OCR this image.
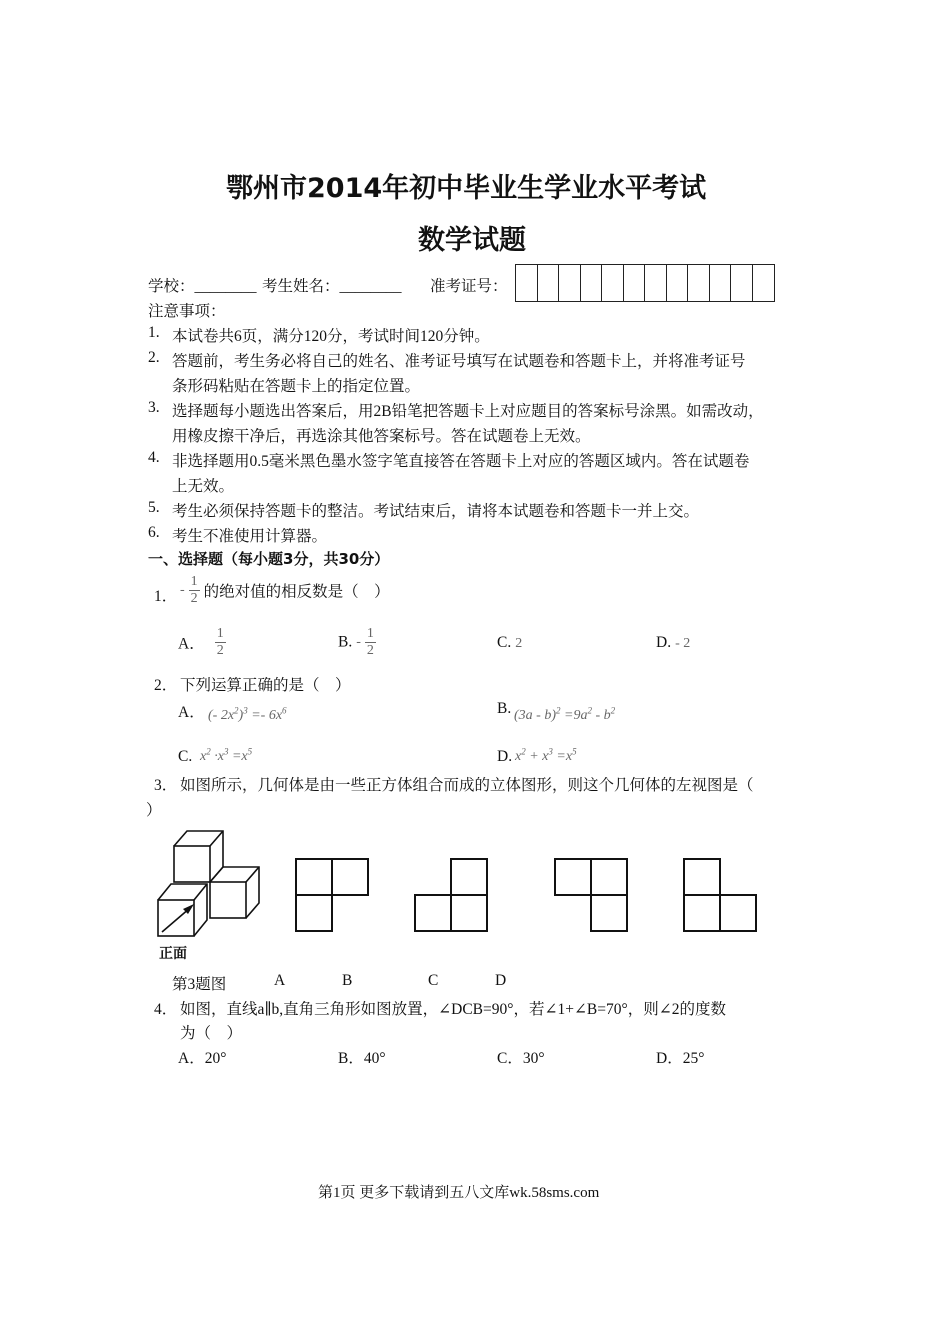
鄂州市2014年初中毕业生学业水平考试
数学试题
学校：________ 考生姓名：________ 准考证号：
注意事项：
1. 本试卷共6页，满分120分，考试时间120分钟。
2. 答题前，考生务必将自己的姓名、准考证号填写在试题卷和答题卡上，并将准考证号
条形码粘贴在答题卡上的指定位置。
3. 选择题每小题选出答案后，用2B铅笔把答题卡上对应题目的答案标号涂黑。如需改动，
用橡皮擦干净后，再选涂其他答案标号。答在试题卷上无效。
4. 非选择题用0.5毫米黑色墨水签字笔直接答在答题卡上对应的答题区域内。答在试题卷
上无效。
5. 考生必须保持答题卡的整洁。考试结束后，请将本试题卷和答题卡一并上交。
6. 考生不准使用计算器。
一、选择题（每小题3分，共30分）
1． - $\frac{1}{2}$ 的绝对值的相反数是（　）
A． $\frac{1}{2}$	B. - $\frac{1}{2}$	C. 2	D. - 2
2． 下列运算正确的是（　）
A． (- $2x^2)^3 =- 6x^6$	B. $(3a - b)^2 =9a^2 - b^2$
C. $x^2 \cdot x^3 =x^5$	D. $x^2 + x^3 =x^5$
3． 如图所示，几何体是由一些正方体组合而成的立体图形，则这个几何体的左视图是（
）
正面
第3题图	A	B	C	D
4． 如图，直线a∥b,直角三角形如图放置，∠DCB=90°，若∠1+∠B=70°，则∠2的度数
为（　）
A．20°	B．40°	C．30°	D．25°
第1页 更多下载请到五八文库wk.58sms.com
